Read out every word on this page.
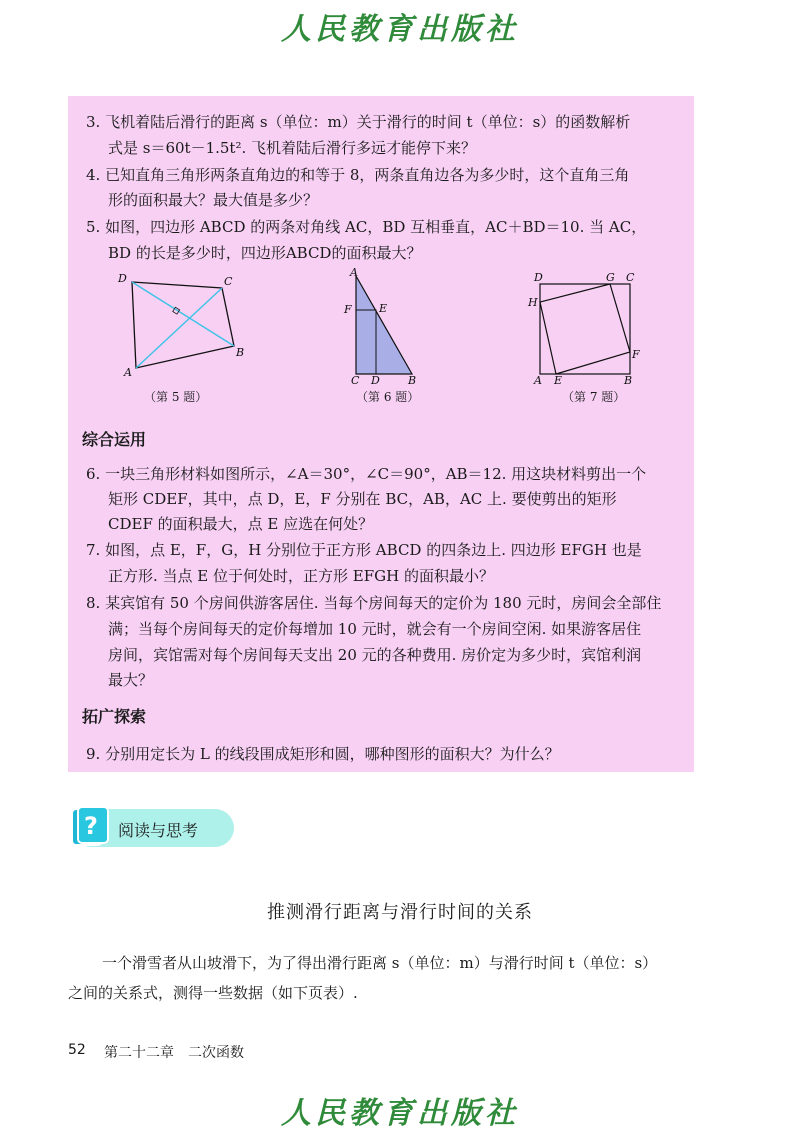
人民教育出版社
3. 飞机着陆后滑行的距离 s（单位：m）关于滑行的时间 t（单位：s）的函数解析
式是 s＝60t－1.5t². 飞机着陆后滑行多远才能停下来？
4. 已知直角三角形两条直角边的和等于 8，两条直角边各为多少时，这个直角三角
形的面积最大？最大值是多少？
5. 如图，四边形 ABCD 的两条对角线 AC，BD 互相垂直，AC＋BD＝10. 当 AC，
BD 的长是多少时，四边形ABCD的面积最大？
D	C
B
A
（第 5 题）
A
F E
C D	B
（第 6 题）
D	G C
H
F
A E	B
（第 7 题）
综合运用
6. 一块三角形材料如图所示，∠A＝30°，∠C＝90°，AB＝12. 用这块材料剪出一个
矩形 CDEF，其中，点 D，E，F 分别在 BC，AB，AC 上. 要使剪出的矩形
CDEF 的面积最大，点 E 应选在何处？
7. 如图，点 E，F，G，H 分别位于正方形 ABCD 的四条边上. 四边形 EFGH 也是
正方形. 当点 E 位于何处时，正方形 EFGH 的面积最小？
8. 某宾馆有 50 个房间供游客居住. 当每个房间每天的定价为 180 元时，房间会全部住
满；当每个房间每天的定价每增加 10 元时，就会有一个房间空闲. 如果游客居住
房间，宾馆需对每个房间每天支出 20 元的各种费用. 房价定为多少时，宾馆利润
最大？
拓广探索
9. 分别用定长为 L 的线段围成矩形和圆，哪种图形的面积大？为什么？
? 阅读与思考
推测滑行距离与滑行时间的关系
一个滑雪者从山坡滑下，为了得出滑行距离 s（单位：m）与滑行时间 t（单位：s）
之间的关系式，测得一些数据（如下页表）.
52 第二十二章　二次函数
人民教育出版社
